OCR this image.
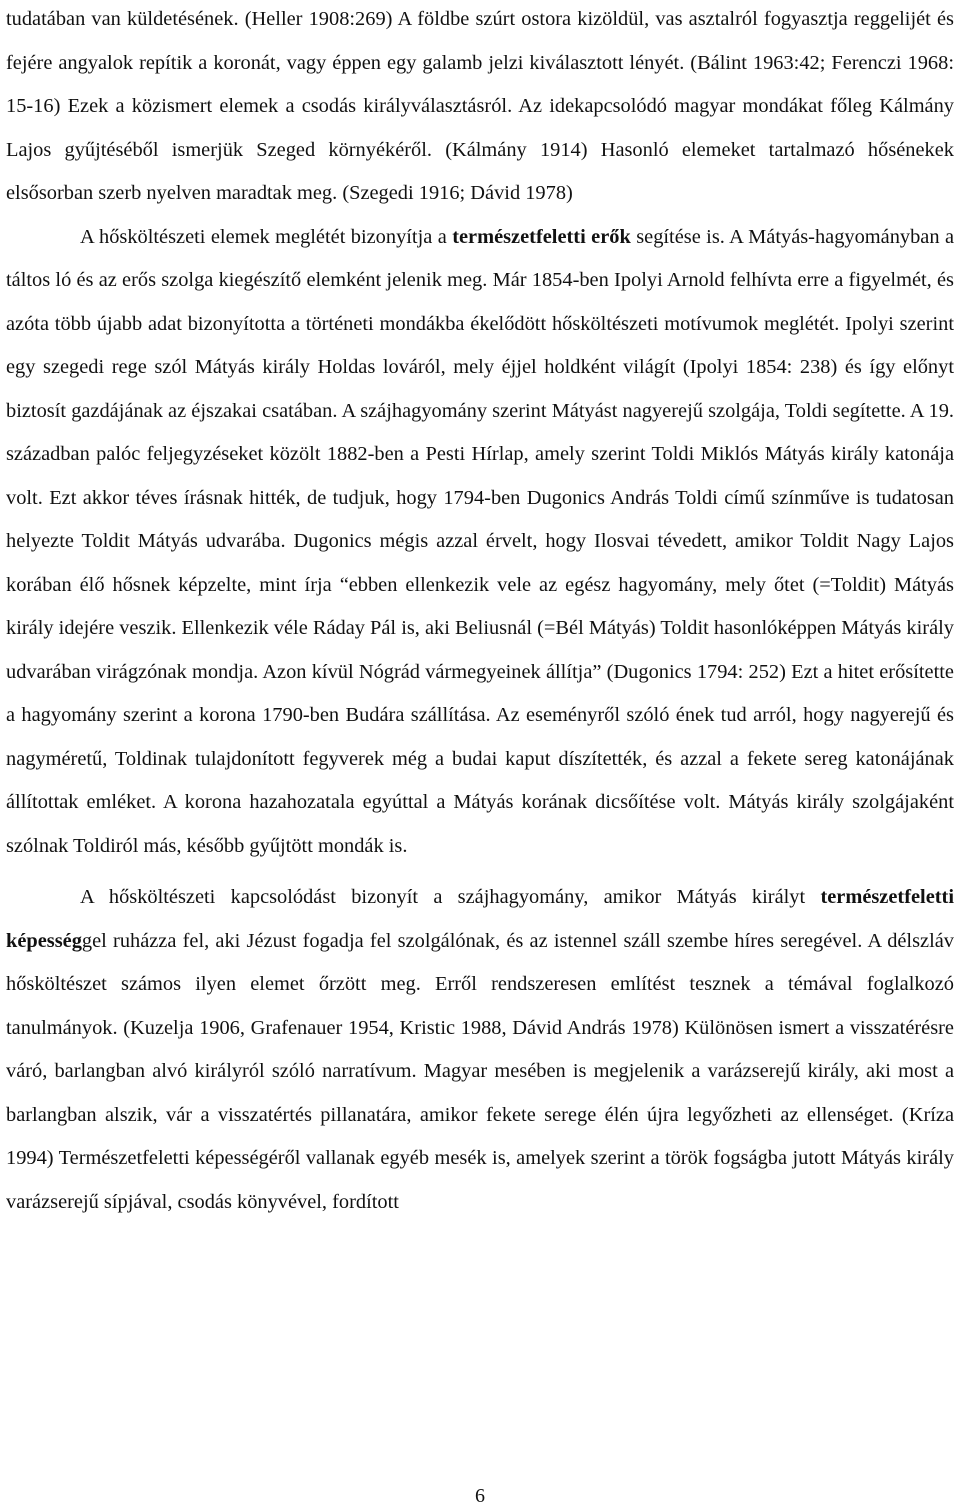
tudatában van küldetésének. (Heller 1908:269) A földbe szúrt ostora kizöldül, vas asztalról fogyasztja reggelijét és fejére angyalok repítik a koronát, vagy éppen egy galamb jelzi kiválasztott lényét. (Bálint 1963:42; Ferenczi 1968: 15-16) Ezek a közismert elemek a csodás királyválasztásról. Az idekapcsolódó magyar mondákat főleg Kálmány Lajos gyűjtéséből ismerjük Szeged környékéről. (Kálmány 1914) Hasonló elemeket tartalmazó hősénekek elsősorban szerb nyelven maradtak meg. (Szegedi 1916; Dávid 1978)

A hősköltészeti elemek meglétét bizonyítja a természetfeletti erők segítése is. A Mátyás-hagyományban a táltos ló és az erős szolga kiegészítő elemként jelenik meg. Már 1854-ben Ipolyi Arnold felhívta erre a figyelmét, és azóta több újabb adat bizonyította a történeti mondákba ékelődött hősköltészeti motívumok meglétét. Ipolyi szerint egy szegedi rege szól Mátyás király Holdas lováról, mely éjjel holdként világít (Ipolyi 1854: 238) és így előnyt biztosít gazdájának az éjszakai csatában. A szájhagyomány szerint Mátyást nagyerejű szolgája, Toldi segítette. A 19. században palóc feljegyzéseket közölt 1882-ben a Pesti Hírlap, amely szerint Toldi Miklós Mátyás király katonája volt. Ezt akkor téves írásnak hitték, de tudjuk, hogy 1794-ben Dugonics András Toldi című színműve is tudatosan helyezte Toldit Mátyás udvarába. Dugonics mégis azzal érvelt, hogy Ilosvai tévedett, amikor Toldit Nagy Lajos korában élő hősnek képzelte, mint írja “ebben ellenkezik vele az egész hagyomány, mely őtet (=Toldit) Mátyás király idejére veszik. Ellenkezik véle Ráday Pál is, aki Beliusnál (=Bél Mátyás) Toldit hasonlóképpen Mátyás király udvarában virágzónak mondja. Azon kívül Nógrád vármegyeinek állítja” (Dugonics 1794: 252) Ezt a hitet erősítette a hagyomány szerint a korona 1790-ben Budára szállítása. Az eseményről szóló ének tud arról, hogy nagyerejű és nagyméretű, Toldinak tulajdonított fegyverek még a budai kaput díszítették, és azzal a fekete sereg katonájának állítottak emléket. A korona hazahozatala egyúttal a Mátyás korának dicsőítése volt. Mátyás király szolgájaként szólnak Toldiról más, később gyűjtött mondák is.

A hősköltészeti kapcsolódást bizonyít a szájhagyomány, amikor Mátyás királyt természetfeletti képességgel ruházza fel, aki Jézust fogadja fel szolgálónak, és az istennel száll szembe híres seregével. A délszláv hősköltészet számos ilyen elemet őrzött meg. Erről rendszeresen említést tesznek a témával foglalkozó tanulmányok. (Kuzelja 1906, Grafenauer 1954, Kristic 1988, Dávid András 1978) Különösen ismert a visszatérésre váró, barlangban alvó királyról szóló narratívum. Magyar mesében is megjelenik a varázserejű király, aki most a barlangban alszik, vár a visszatértés pillanatára, amikor fekete serege élén újra legyőzheti az ellenséget. (Kríza 1994) Természetfeletti képességéről vallanak egyéb mesék is, amelyek szerint a török fogságba jutott Mátyás király varázserejű sípjával, csodás könyvével, fordított

6
